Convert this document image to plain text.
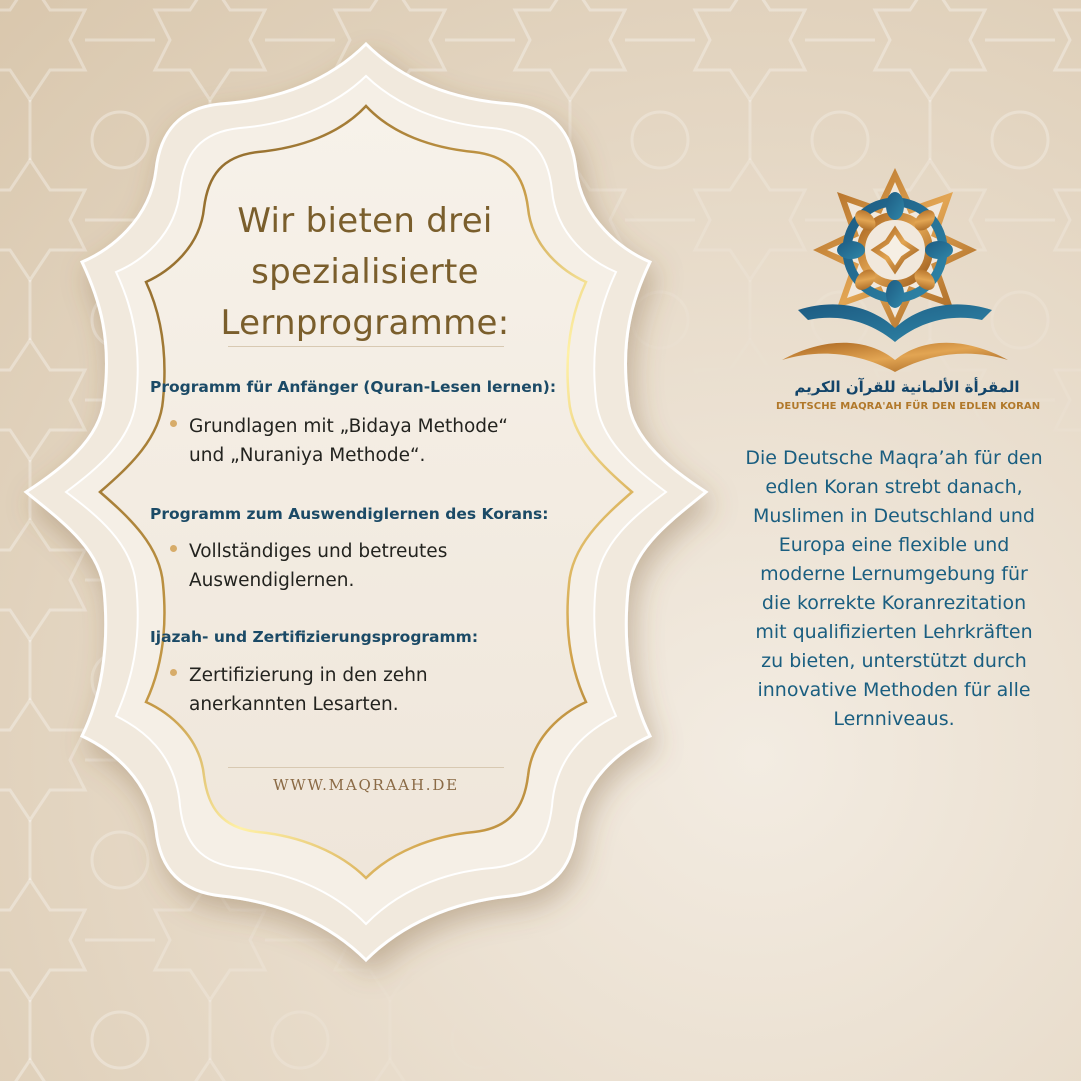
Wir bieten drei
spezialisierte
Lernprogramme:
Programm für Anfänger (Quran-Lesen lernen):
Grundlagen mit „Bidaya Methode“
und „Nuraniya Methode“.
Programm zum Auswendiglernen des Korans:
Vollständiges und betreutes
Auswendiglernen.
Ijazah- und Zertifizierungsprogramm:
Zertifizierung in den zehn
anerkannten Lesarten.
WWW.MAQRAAH.DE
المقرأة الألمانية للقرآن الكريم
DEUTSCHE MAQRA'AH FÜR DEN EDLEN KORAN
Die Deutsche Maqra’ah für den
edlen Koran strebt danach,
Muslimen in Deutschland und
Europa eine flexible und
moderne Lernumgebung für
die korrekte Koranrezitation
mit qualifizierten Lehrkräften
zu bieten, unterstützt durch
innovative Methoden für alle
Lernniveaus.
